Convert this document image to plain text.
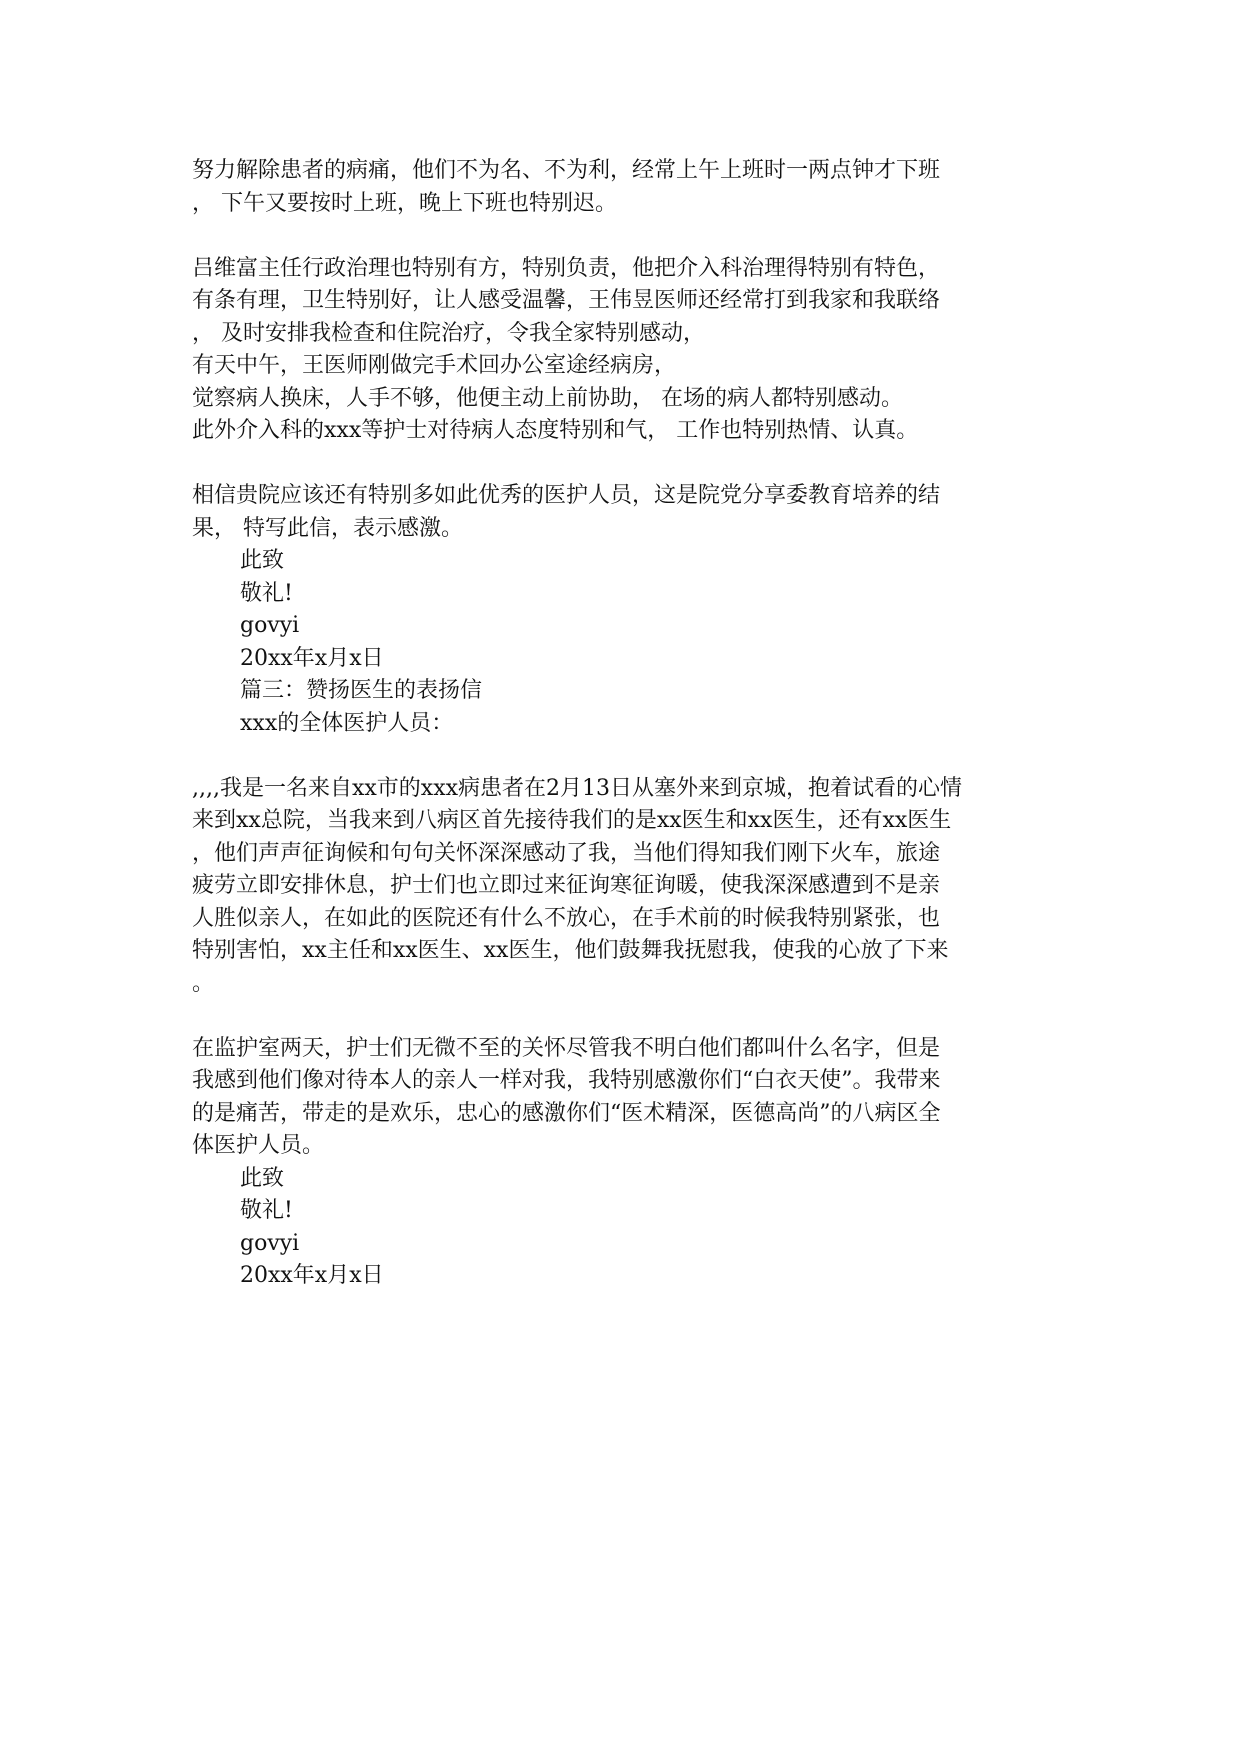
努力解除患者的病痛，他们不为名、不为利，经常上午上班时一两点钟才下班
， 下午又要按时上班，晚上下班也特别迟。
吕维富主任行政治理也特别有方，特别负责，他把介入科治理得特别有特色，
有条有理，卫生特别好，让人感受温馨，王伟昱医师还经常打到我家和我联络
， 及时安排我检查和住院治疗，令我全家特别感动，
有天中午，王医师刚做完手术回办公室途经病房，
觉察病人换床，人手不够，他便主动上前协助， 在场的病人都特别感动。
此外介入科的xxx等护士对待病人态度特别和气， 工作也特别热情、认真。
相信贵院应该还有特别多如此优秀的医护人员，这是院党分享委教育培养的结
果， 特写此信，表示感激。
此致
敬礼!
govyi
20xx年x月x日
篇三：赞扬医生的表扬信
xxx的全体医护人员：
,,,,我是一名来自xx市的xxx病患者在2月13日从塞外来到京城，抱着试看的心情
来到xx总院，当我来到八病区首先接待我们的是xx医生和xx医生，还有xx医生
，他们声声征询候和句句关怀深深感动了我，当他们得知我们刚下火车，旅途
疲劳立即安排休息，护士们也立即过来征询寒征询暖，使我深深感遭到不是亲
人胜似亲人，在如此的医院还有什么不放心，在手术前的时候我特别紧张，也
特别害怕，xx主任和xx医生、xx医生，他们鼓舞我抚慰我，使我的心放了下来
。
在监护室两天，护士们无微不至的关怀尽管我不明白他们都叫什么名字，但是
我感到他们像对待本人的亲人一样对我，我特别感激你们“白衣天使”。我带来
的是痛苦，带走的是欢乐，忠心的感激你们“医术精深，医德高尚”的八病区全
体医护人员。
此致
敬礼!
govyi
20xx年x月x日
